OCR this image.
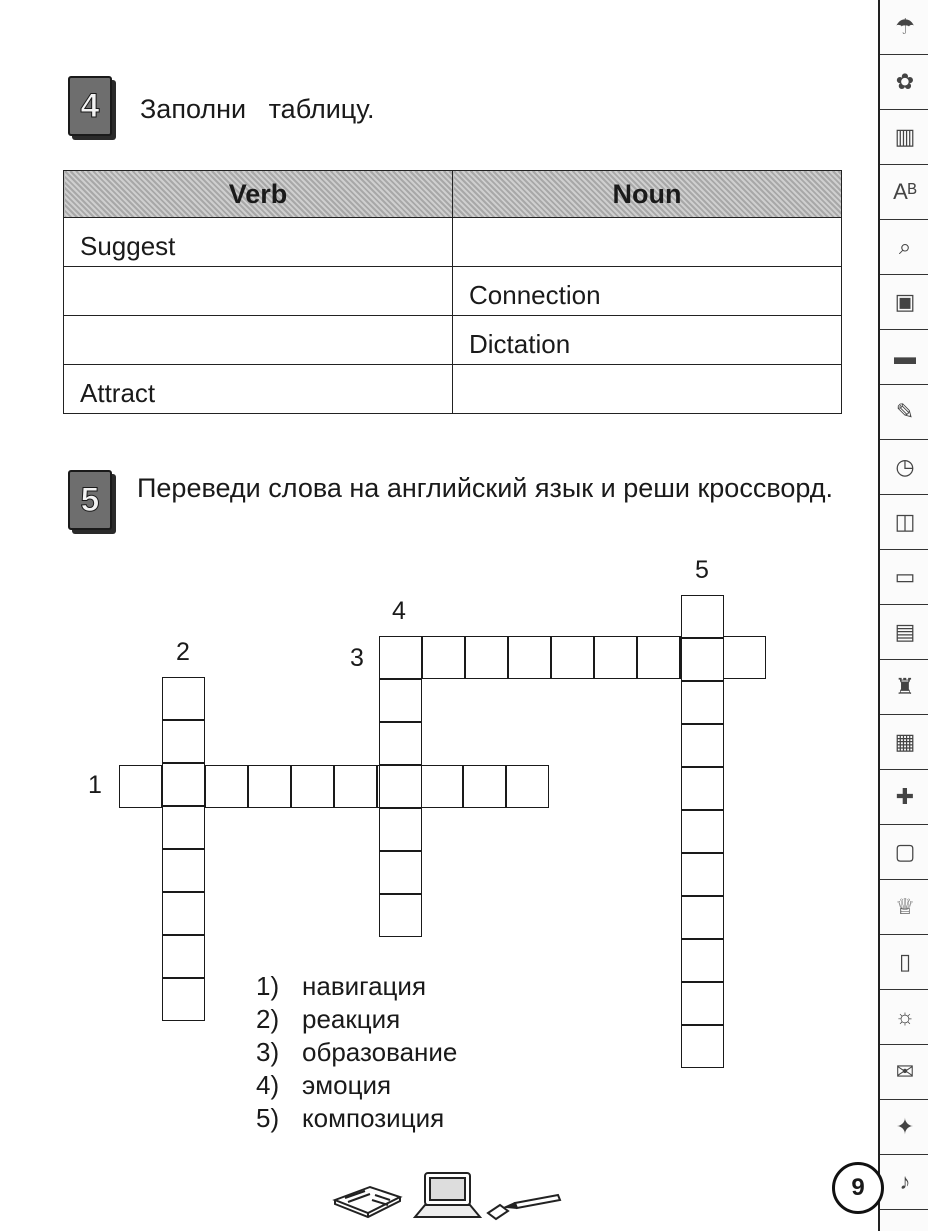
4	Заполни   таблицу.
Verb	Noun
Suggest	
	Connection
	Dictation
Attract	
5	Переведи слова на английский язык и реши кроссворд.
1
2	3
4
5
1) навигация
2) реакция
3) образование
4) эмоция
5) композиция
☂
✿
▥
Aᴮ
⌕
▣
▬
✎
◷
◫
▭
▤
♜
▦
✚
▢
♕
▯
☼
✉
✦
♪
9
